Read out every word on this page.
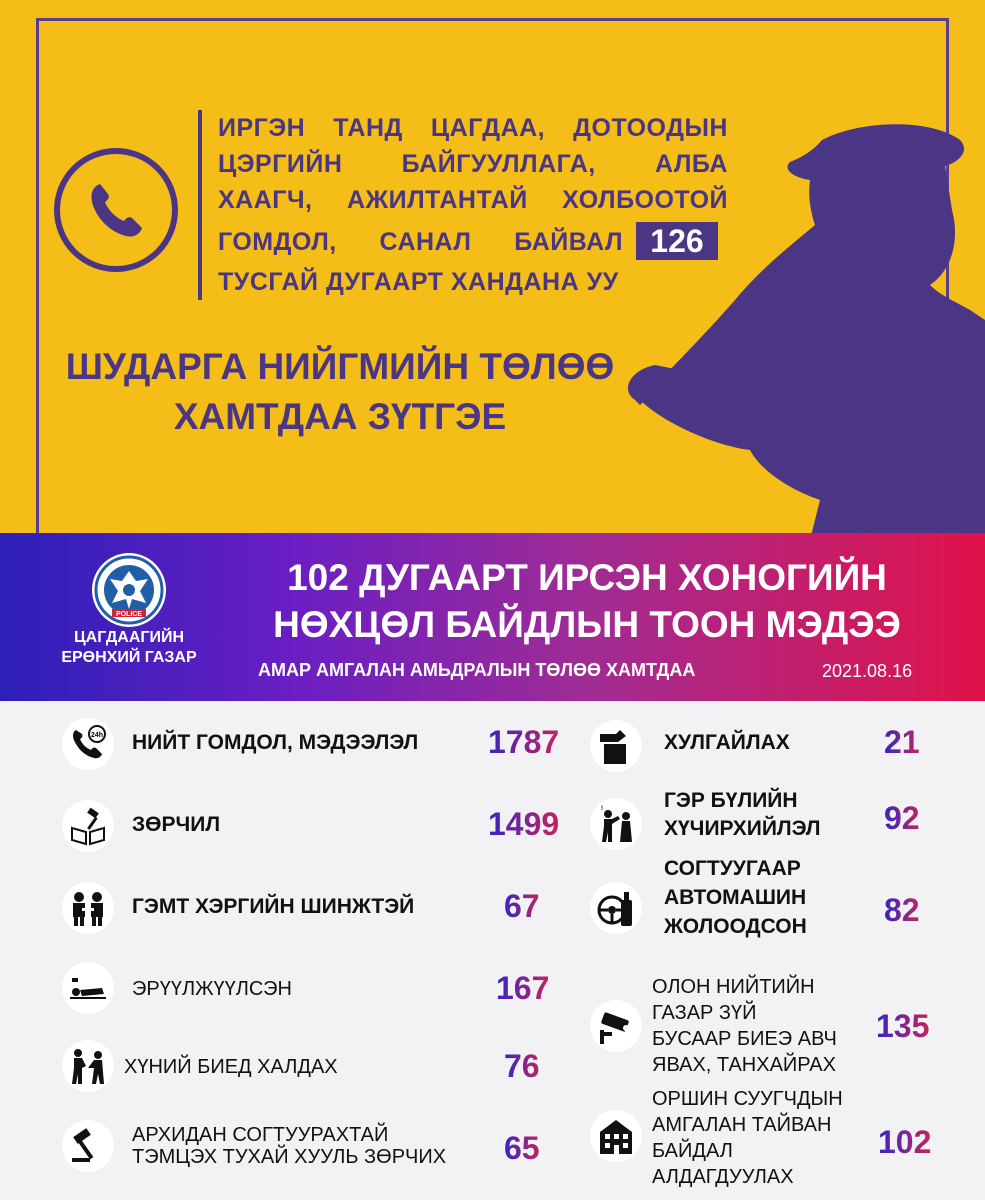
ИРГЭН ТАНД ЦАГДАА, ДОТООДЫН
ЦЭРГИЙН БАЙГУУЛЛАГА, АЛБА
ХААГЧ, АЖИЛТАНТАЙ ХОЛБООТОЙ
ГОМДОЛ, САНАЛ БАЙВАЛ 126
ТУСГАЙ ДУГААРТ ХАНДАНА УУ
ШУДАРГА НИЙГМИЙН ТӨЛӨӨ
ХАМТДАА ЗҮТГЭЕ
POLICE
ЦАГДААГИЙН
ЕРӨНХИЙ ГАЗАР
102 ДУГААРТ ИРСЭН ХОНОГИЙН
НӨХЦӨЛ БАЙДЛЫН ТООН МЭДЭЭ
АМАР АМГАЛАН АМЬДРАЛЫН ТӨЛӨӨ ХАМТДАА	2021.08.16
24h НИЙТ ГОМДОЛ, МЭДЭЭЛЭЛ 1787
ЗӨРЧИЛ	1499
ГЭМТ ХЭРГИЙН ШИНЖТЭЙ	67
ЭРҮҮЛЖҮҮЛСЭН	167
ХҮНИЙ БИЕД ХАЛДАХ	76
АРХИДАН СОГТУУРАХТАЙ
ТЭМЦЭХ ТУХАЙ ХУУЛЬ ЗӨРЧИХ 65
ХУЛГАЙЛАХ	21
!	ГЭР БҮЛИЙН
ХҮЧИРХИЙЛЭЛ 92
СОГТУУГААР
АВТОМАШИН
ЖОЛООДСОН 82
ОЛОН НИЙТИЙН
ГАЗАР ЗҮЙ
БУСААР БИЕЭ АВЧ
ЯВАХ, ТАНХАЙРАХ
135
ОРШИН СУУГЧДЫН
АМГАЛАН ТАЙВАН
БАЙДАЛ
АЛДАГДУУЛАХ
102
